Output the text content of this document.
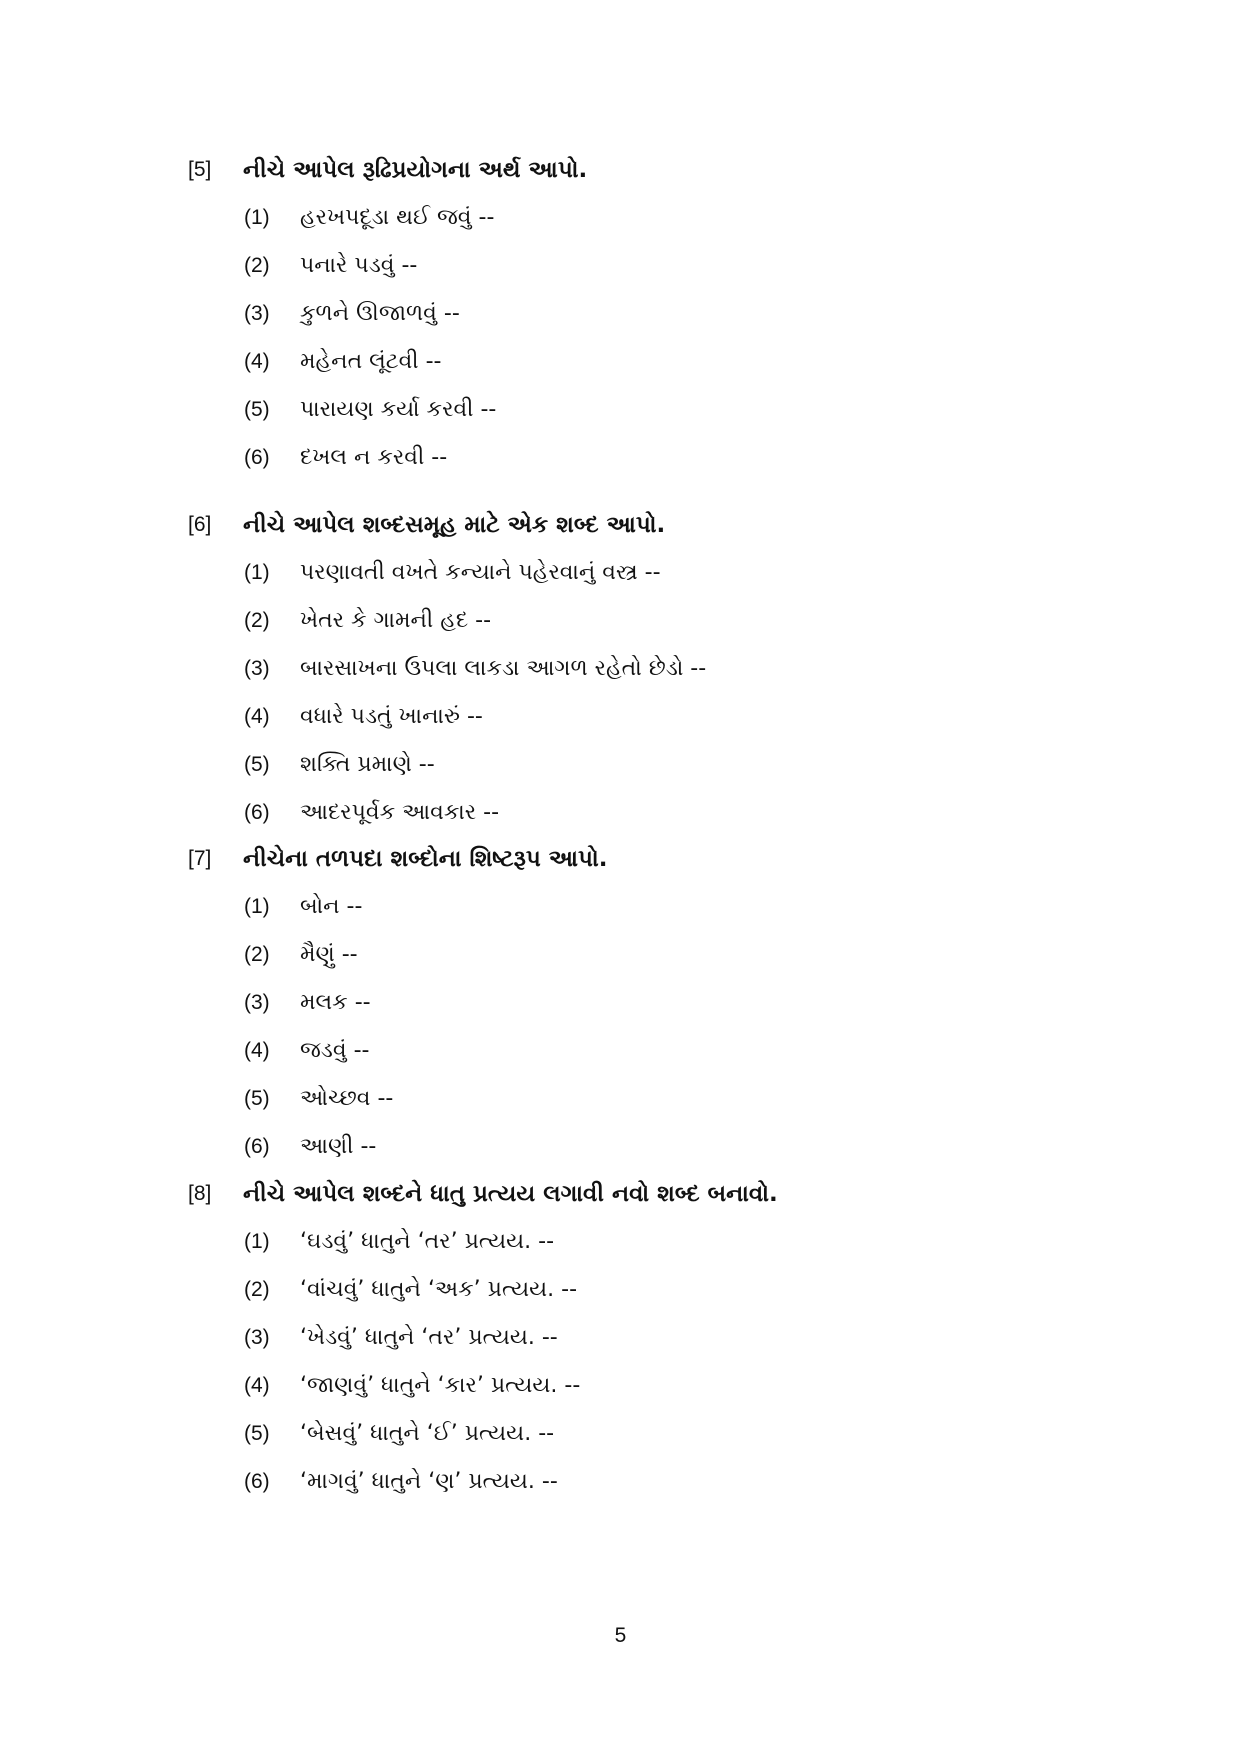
[5] નીચે આપેલ રૂઢિપ્રયોગના અર્થ આપો.
(1) હરખપદૂડા થઈ જવું --
(2) પનારે પડવું --
(3) કુળને ઊજાળવું --
(4) મહેનત લૂંટવી --
(5) પારાયણ કર્યા કરવી --
(6) દખલ ન કરવી --
[6] નીચે આપેલ શબ્દસમૂહ માટે એક શબ્દ આપો.
(1) પરણાવતી વખતે કન્યાને પહેરવાનું વસ્ત્ર --
(2) ખેતર કે ગામની હદ --
(3) બારસાખના ઉપલા લાકડા આગળ રહેતો છેડો --
(4) વધારે પડતું ખાનારું --
(5) શક્તિ પ્રમાણે --
(6) આદરપૂર્વક આવકાર --
[7] નીચેના તળપદા શબ્દોના શિષ્ટરૂપ આપો.
(1) બોન --
(2) મૈણું --
(3) મલક --
(4) જડવું --
(5) ઓચ્છવ --
(6) આણી --
[8] નીચે આપેલ શબ્દને ધાતુ પ્રત્યય લગાવી નવો શબ્દ બનાવો.
(1) ‘ઘડવું’ ધાતુને ‘તર’ પ્રત્યય. --
(2) ‘વાંચવું’ ધાતુને ‘અક’ પ્રત્યય. --
(3) ‘ખેડવું’ ધાતુને ‘તર’ પ્રત્યય. --
(4) ‘જાણવું’ ધાતુને ‘કાર’ પ્રત્યય. --
(5) ‘બેસવું’ ધાતુને ‘ઈ’ પ્રત્યય. --
(6) ‘માગવું’ ધાતુને ‘ણ’ પ્રત્યય. --
5
